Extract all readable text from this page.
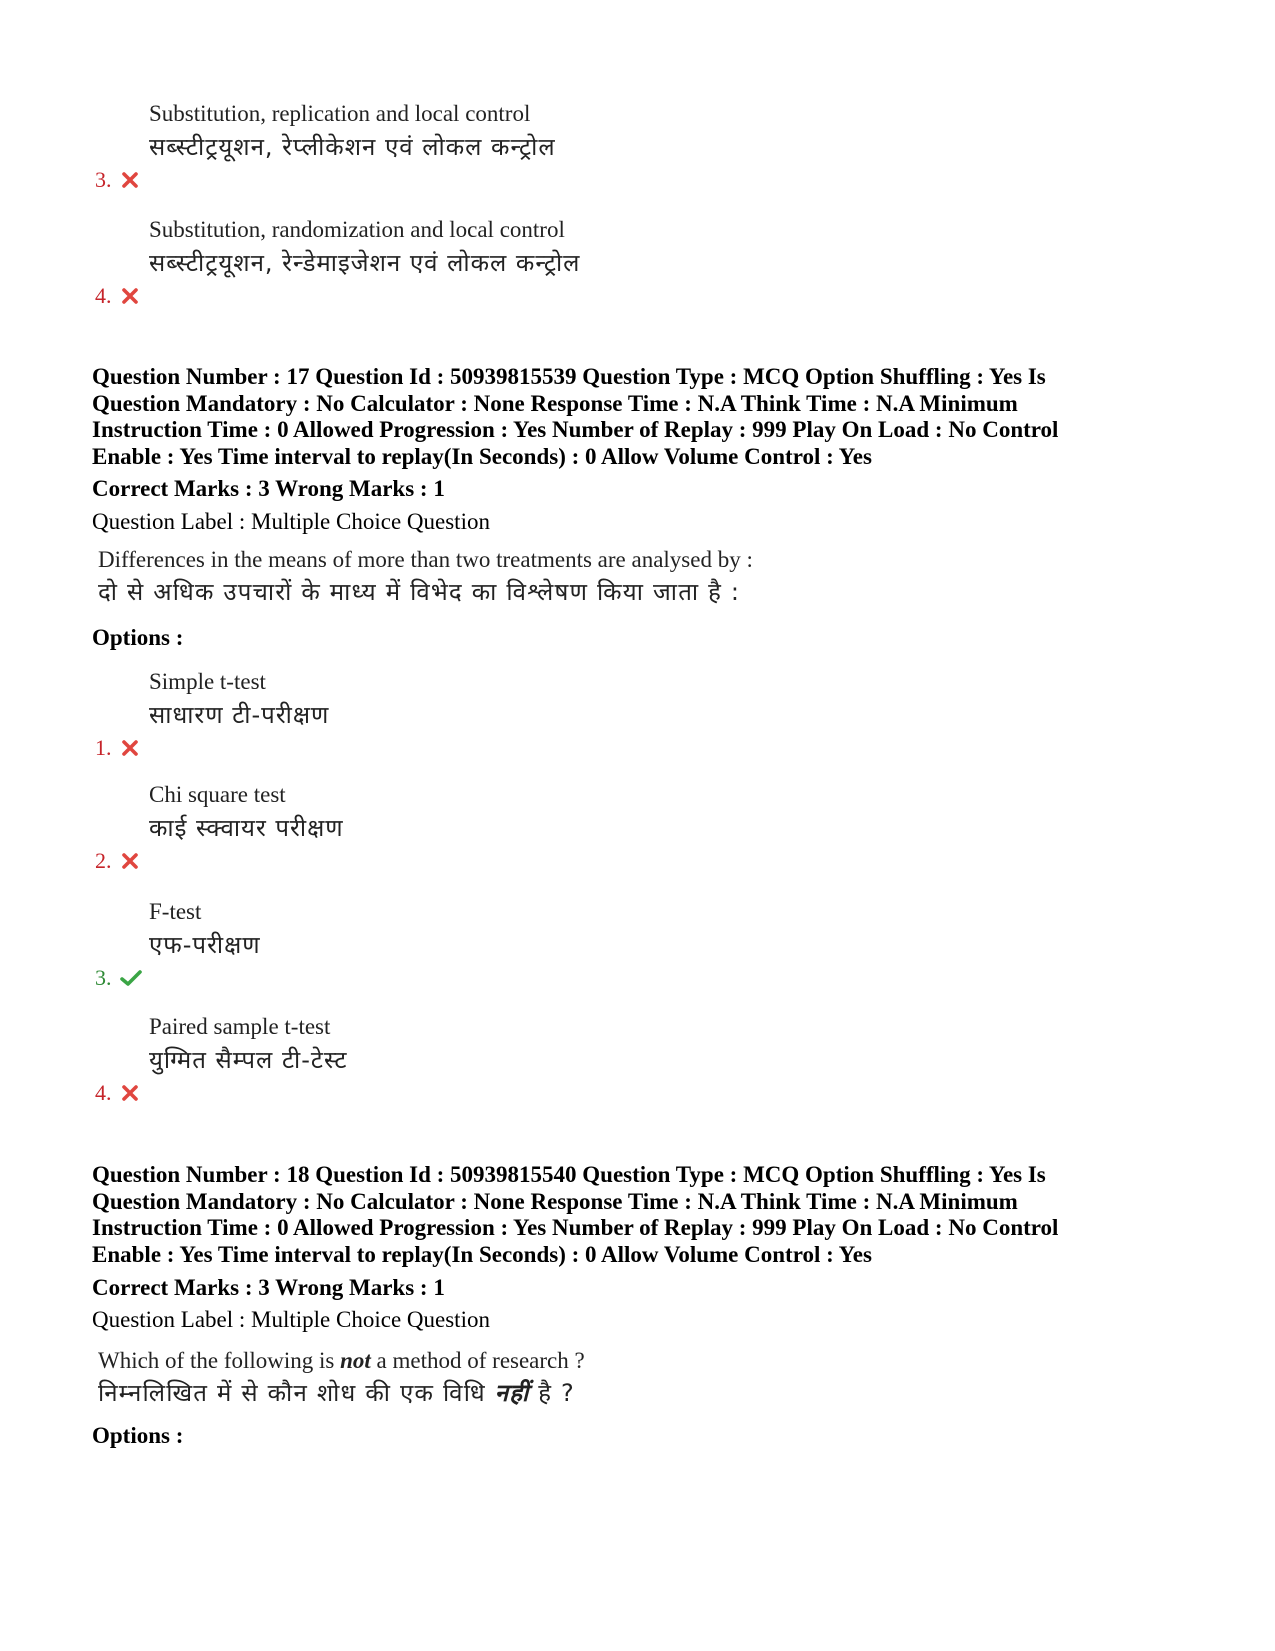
Substitution, replication and local control
सब्स्टीट्रयूशन, रेप्लीकेशन एवं लोकल कन्ट्रोल
3.
Substitution, randomization and local control
सब्स्टीट्रयूशन, रेन्डेमाइजेशन एवं लोकल कन्ट्रोल
4.

Question Number : 17 Question Id : 50939815539 Question Type : MCQ Option Shuffling : Yes Is

Question Mandatory : No Calculator : None Response Time : N.A Think Time : N.A Minimum

Instruction Time : 0 Allowed Progression : Yes Number of Replay : 999 Play On Load : No Control

Enable : Yes Time interval to replay(In Seconds) : 0 Allow Volume Control : Yes

Correct Marks : 3 Wrong Marks : 1
Question Label : Multiple Choice Question
Differences in the means of more than two treatments are analysed by :
दो से अधिक उपचारों के माध्य में विभेद का विश्लेषण किया जाता है :
Options :
Simple t-test
साधारण टी-परीक्षण
1.
Chi square test
काई स्क्वायर परीक्षण
2.
F-test
एफ-परीक्षण
3.
Paired sample t-test
युग्मित सैम्पल टी-टेस्ट
4.

Question Number : 18 Question Id : 50939815540 Question Type : MCQ Option Shuffling : Yes Is

Question Mandatory : No Calculator : None Response Time : N.A Think Time : N.A Minimum

Instruction Time : 0 Allowed Progression : Yes Number of Replay : 999 Play On Load : No Control

Enable : Yes Time interval to replay(In Seconds) : 0 Allow Volume Control : Yes

Correct Marks : 3 Wrong Marks : 1
Question Label : Multiple Choice Question
Which of the following is not a method of research ?
निम्नलिखित में से कौन शोध की एक विधि नहीं है ?
Options :
